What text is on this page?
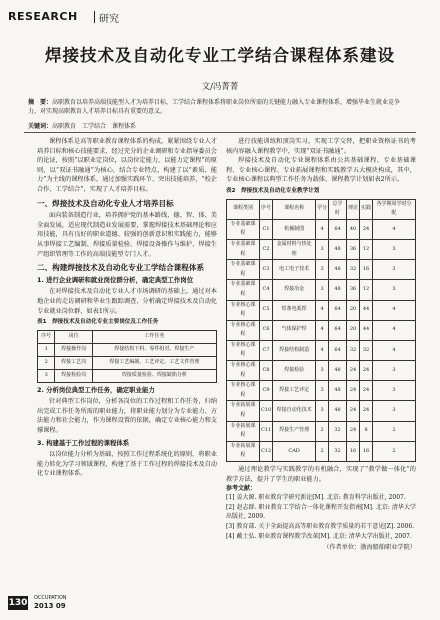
RESEARCH 研究
焊接技术及自动化专业工学结合课程体系建设
文/冯菁菁
摘　要：高职教育以培养高端技能型人才为培养目标，工学结合课程体系将职业岗位所需的关键能力融入专业课程体系，增强毕业生就业竞争力，对实现高职教育人才培养目标具有重要的意义。
关键词：高职教育　工学结合　课程体系

课程体系是高等职业教育课程体系的构成，紧紧围绕专业人才培养目标和核心技能要求，经过充分的企业调研和专业指导委员会的论证，按照“以职业定岗位，以岗位定能力，以能力定课程”的原则，以“双证书融通”为核心，结合专业特点，构建了以“素质、能力”为主线的课程体系，通过加强实践环节、突出技能培养、“校企合作、工学结合”，实现了人才培养目标。

一、焊接技术及自动化专业人才培养目标

面向装备制造行业，培养拥护党的基本路线，德、智、体、美全面发展，适应现代制造业发展需要，掌握焊接技术基础理论和应用技能，具有良好的职业道德、较强的创新意识和实践能力，能够从事焊接工艺编制、焊接质量检验、焊接设备操作与维护、焊接生产组织管理等工作的高端技能型专门人才。

二、构建焊接技术及自动化专业工学结合课程体系
1. 进行企业调研和就业岗位群分析，确定典型工作岗位

在对焊接技术及自动化专业人才市场调研的基础上，通过对本地企业的走访调研和毕业生跟踪调查，分析确定焊接技术及自动化专业就业岗位群，如表1所示。

表1　焊接技术及自动化专业主要岗位及工作任务
序号	岗位	工作任务
1	焊接操作岗	焊接结构下料、零件组对、焊接生产
2	焊接工艺岗	焊接工艺编制、工艺评定、工艺文件管理
3	焊接检验岗	焊接质量检验、焊接缺陷分析
2. 分析岗位典型工作任务，确定职业能力

针对典型工作岗位，分析各岗位的工作过程和工作任务，归纳出完成工作任务所需的职业能力，将职业能力划分为专业能力、方法能力和社会能力，作为课程设置的依据，确定专业核心能力和支撑课程。

3. 构建基于工作过程的课程体系

以岗位能力分析为基础，按照工作过程系统化的原则，将职业能力转化为学习领域课程，构建了基于工作过程的焊接技术及自动化专业课程体系。

进行技能训练和顶岗实习，实现工学交替，把职业资格证书的考核内容融入课程教学中，实现“双证书融通”。

焊接技术及自动化专业课程体系由公共基础课程、专业基础课程、专业核心课程、专业拓展课程和实践教学五大模块构成，其中，专业核心课程以典型工作任务为载体，课程教学计划如表2所示。

表2　焊接技术及自动化专业教学计划
课程类别	序号	课程名称	学分	总学时	理论	实践	各学期周学时分配
专业基础课程	C1	机械制图	4	64	40	24	4
专业基础课程	C2	金属材料与热处理	3	48	36	12	3
专业基础课程	C3	电工电子技术	3	48	32	16	3
专业基础课程	C4	焊接冶金	3	48	36	12	3
专业核心课程	C5	焊条电弧焊	4	64	20	44	4
专业核心课程	C6	气体保护焊	4	64	20	44	4
专业核心课程	C7	焊接结构制造	4	64	32	32	4
专业核心课程	C8	焊接检验	3	48	24	24	3
专业核心课程	C9	焊接工艺评定	3	48	24	24	3
专业拓展课程	C10	焊接自动化技术	3	48	24	24	3
专业拓展课程	C11	焊接生产管理	2	32	24	8	2
专业拓展课程	C12	CAD	2	32	16	16	2

通过理论教学与实践教学的有机融合，实现了“教学做一体化”的教学方法，提升了学生的职业能力。

参考文献：
[1] 姜大源. 职业教育学研究新论[M]. 北京: 教育科学出版社, 2007.
[2] 赵志群. 职业教育工学结合一体化课程开发指南[M]. 北京: 清华大学出版社, 2009.
[3] 教育部. 关于全面提高高等职业教育教学质量的若干意见[Z]. 2006.
[4] 戴士弘. 职业教育课程教学改革[M]. 北京: 清华大学出版社, 2007.
（作者单位：渤海船舶职业学院）
130 OCCUPATION
2013 09
